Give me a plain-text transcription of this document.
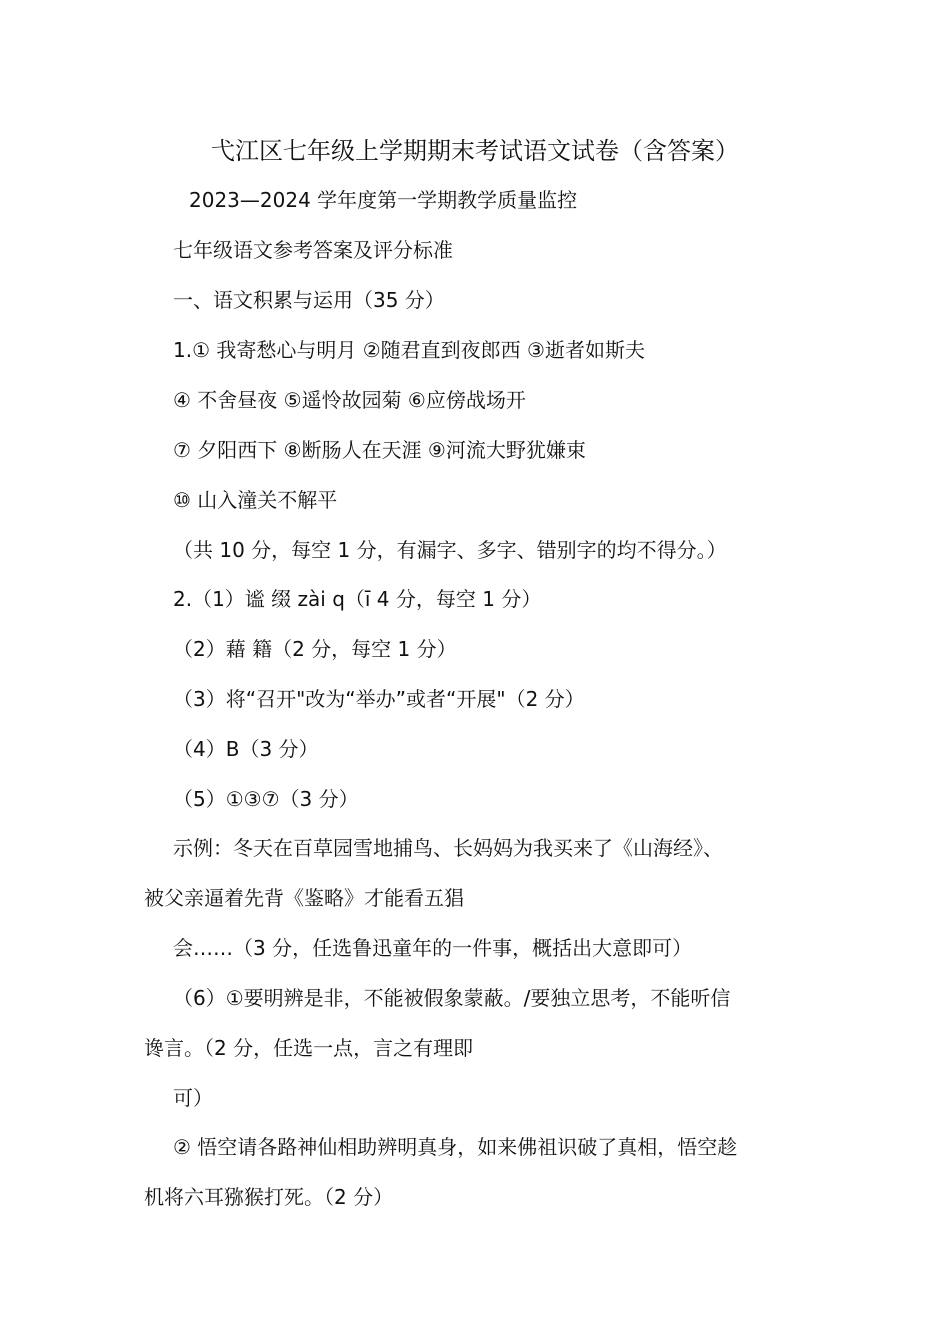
弋江区七年级上学期期末考试语文试卷（含答案）
2023—2024 学年度第一学期教学质量监控
七年级语文参考答案及评分标准
一、语文积累与运用（35 分）
1.① 我寄愁心与明月 ②随君直到夜郎西 ③逝者如斯夫
④ 不舍昼夜 ⑤遥怜故园菊 ⑥应傍战场开
⑦ 夕阳西下 ⑧断肠人在天涯 ⑨河流大野犹嫌束
⑩ 山入潼关不解平
（共 10 分，每空 1 分，有漏字、多字、错别字的均不得分。）
2.（1）谧 缀 zài q（ī 4 分，每空 1 分）
（2）藉 籍（2 分，每空 1 分）
（3）将“召开"改为“举办”或者“开展"（2 分）
（4）B（3 分）
（5）①③⑦（3 分）
示例：冬天在百草园雪地捕鸟、长妈妈为我买来了《山海经》、
被父亲逼着先背《鉴略》才能看五猖
会……（3 分，任选鲁迅童年的一件事，概括出大意即可）
（6）①要明辨是非，不能被假象蒙蔽。/要独立思考，不能听信
谗言。（2 分，任选一点，言之有理即
可）
② 悟空请各路神仙相助辨明真身，如来佛祖识破了真相，悟空趁
机将六耳猕猴打死。（2 分）
